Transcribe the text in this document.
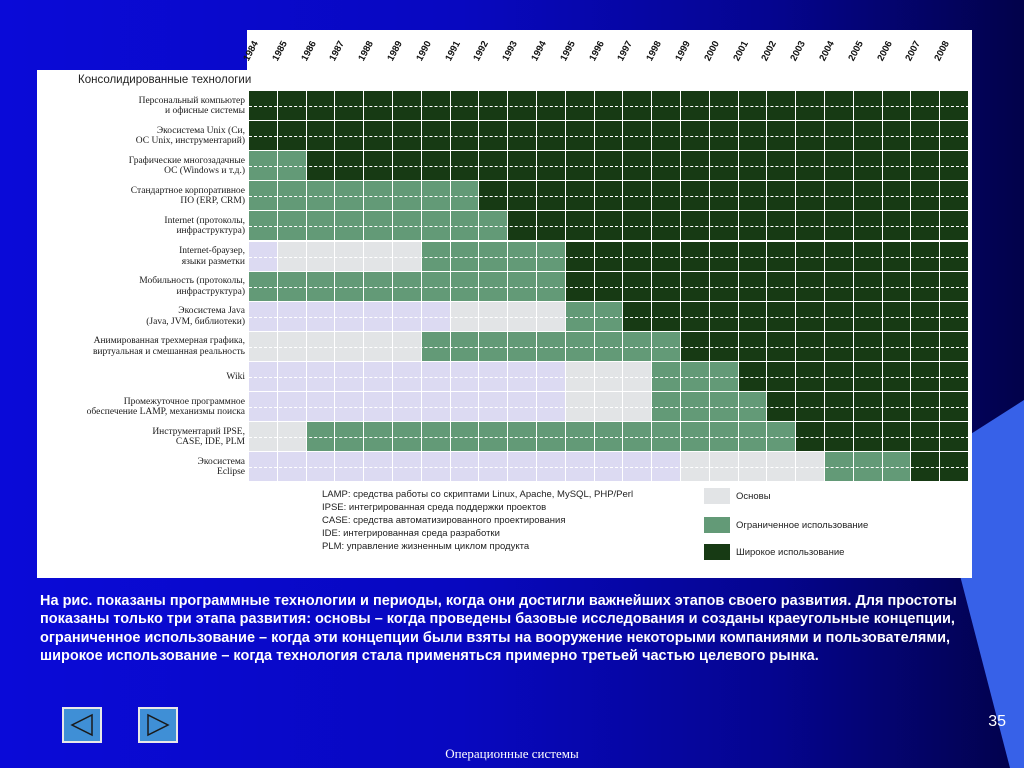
1984 1985 1986 1987 1988 1989 1990 1991 1992 1993 1994 1995 1996 1997 1998 1999 2000 2001 2002 2003 2004 2005 2006 2007 2008
Консолидированные технологии
Персональный компьютер
и офисные системы
Экосистема Unix (Си,
ОС Unix, инструментарий)
Графические многозадачные
ОС (Windows и т.д.)
Стандартное корпоративное
ПО (ERP, CRM)
Internet (протоколы,
инфраструктура)
Internet-браузер,
языки разметки
Мобильность (протоколы,
инфраструктура)
Экосистема Java
(Java, JVM, библиотеки)
Анимированная трехмерная графика,
виртуальная и смешанная реальность
Wiki
Промежуточное программное
обеспечение LAMP, механизмы поиска
Инструментарий IPSE,
CASE, IDE, PLM
Экосистема
Eclipse
LAMP: средства работы со скриптами Linux, Apache, MySQL, PHP/Perl
IPSE: интегрированная среда поддержки проектов
CASE: средства автоматизированного проектирования
IDE: интегрированная среда разработки
PLM: управление жизненным циклом продукта
Основы
Ограниченное использование
Широкое использование
На рис. показаны программные технологии и периоды, когда они достигли важнейших этапов своего развития. Для простоты показаны только три этапа развития: основы – когда проведены базовые исследования и созданы краеугольные концепции, ограниченное использование – когда эти концепции были взяты на вооружение некоторыми компаниями и пользователями, широкое использование – когда технология стала применяться примерно третьей частью целевого рынка.
35
Операционные системы
